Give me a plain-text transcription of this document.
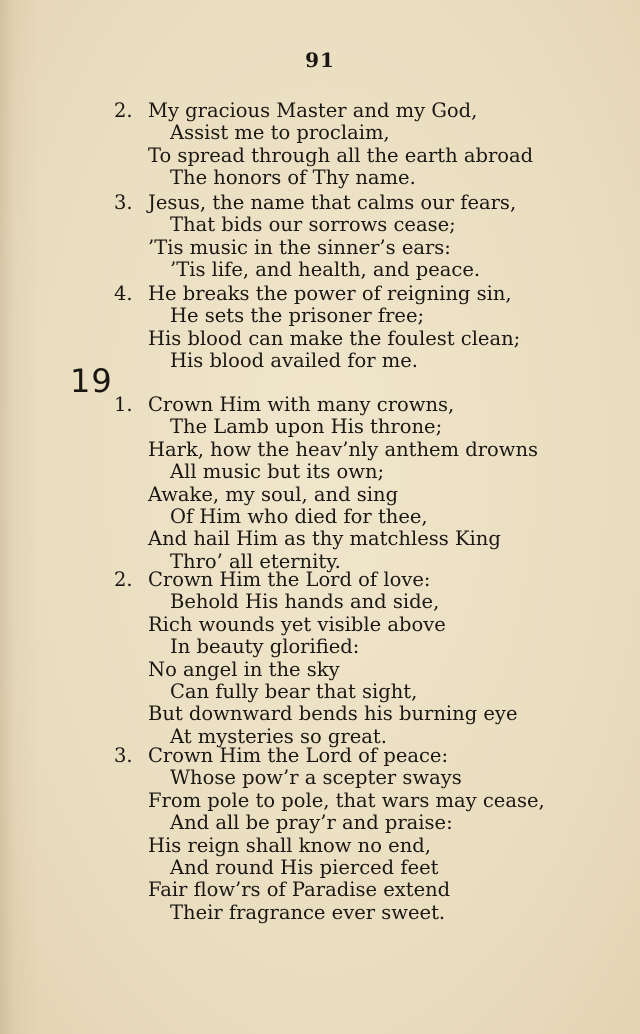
91
2. My gracious Master and my God,
Assist me to proclaim,
To spread through all the earth abroad
The honors of Thy name.
3. Jesus, the name that calms our fears,
That bids our sorrows cease;
’Tis music in the sinner’s ears:
’Tis life, and health, and peace.
4. He breaks the power of reigning sin,
He sets the prisoner free;
His blood can make the foulest clean;
His blood availed for me.
19
1. Crown Him with many crowns,
The Lamb upon His throne;
Hark, how the heav’nly anthem drowns
All music but its own;
Awake, my soul, and sing
Of Him who died for thee,
And hail Him as thy matchless King
Thro’ all eternity.
2. Crown Him the Lord of love:
Behold His hands and side,
Rich wounds yet visible above
In beauty glorified:
No angel in the sky
Can fully bear that sight,
But downward bends his burning eye
At mysteries so great.
3. Crown Him the Lord of peace:
Whose pow’r a scepter sways
From pole to pole, that wars may cease,
And all be pray’r and praise:
His reign shall know no end,
And round His pierced feet
Fair flow’rs of Paradise extend
Their fragrance ever sweet.
